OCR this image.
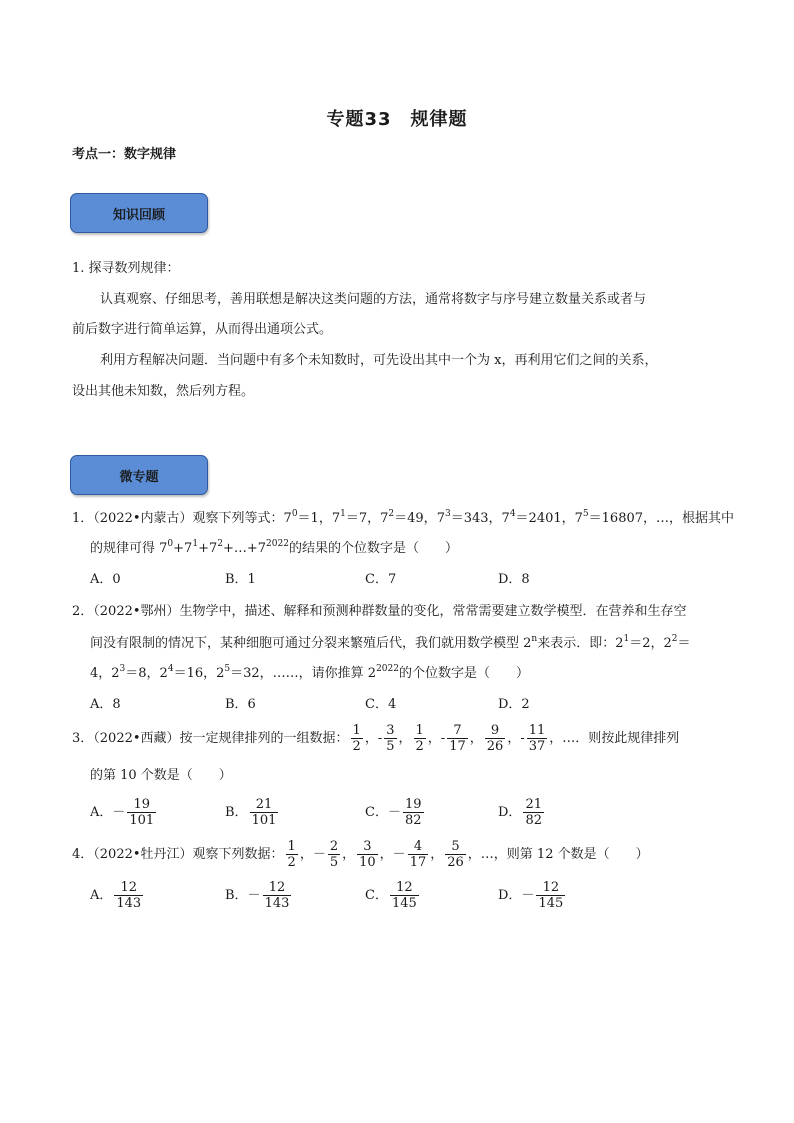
专题33　规律题
考点一：数字规律
知识回顾
1. 探寻数列规律：
认真观察、仔细思考，善用联想是解决这类问题的方法，通常将数字与序号建立数量关系或者与
前后数字进行简单运算，从而得出通项公式。
利用方程解决问题．当问题中有多个未知数时，可先设出其中一个为 x，再利用它们之间的关系，
设出其他未知数，然后列方程。
微专题
1．（2022•内蒙古）观察下列等式：$7^0=1$，$7^1=7$，$7^2=49$，$7^3=343$，$7^4=2401$，$7^5=16807$，…，根据其中
的规律可得 $7^0+7^1+7^2+\dots+7^{2022}$的结果的个位数字是（　　）
A．0	B．1	C．7	D．8
2．（2022•鄂州）生物学中，描述、解释和预测种群数量的变化，常常需要建立数学模型．在营养和生存空
间没有限制的情况下，某种细胞可通过分裂来繁殖后代，我们就用数学模型 2$^n$来表示．即：$2^1=2$，$2^2=$
4，$2^3=8$，$2^4=16$，$2^5=32$，……，请你推算 $2^{2022}$的个位数字是（　　）
A．8	B．6	C．4	D．2
3．（2022•西藏）按一定规律排列的一组数据： $\frac{1}{2}$ ，- $\frac{3}{5}$ ， $\frac{1}{2}$ ，- $\frac{7}{17}$ ， $\frac{9}{26}$ ，- $\frac{11}{37}$ ，…．则按此规律排列
的第 10 个数是（　　）
A．－ $\frac{19}{101}$	B． $\frac{21}{101}$	C．－ $\frac{19}{82}$	D． $\frac{21}{82}$
4．（2022•牡丹江）观察下列数据： $\frac{1}{2}$ ，－ $\frac{2}{5}$ ， $\frac{3}{10}$ ，－ $\frac{4}{17}$ ， $\frac{5}{26}$ ，…，则第 12 个数是（　　）
A． $\frac{12}{143}$	B．－ $\frac{12}{143}$	C． $\frac{12}{145}$	D．－ $\frac{12}{145}$
